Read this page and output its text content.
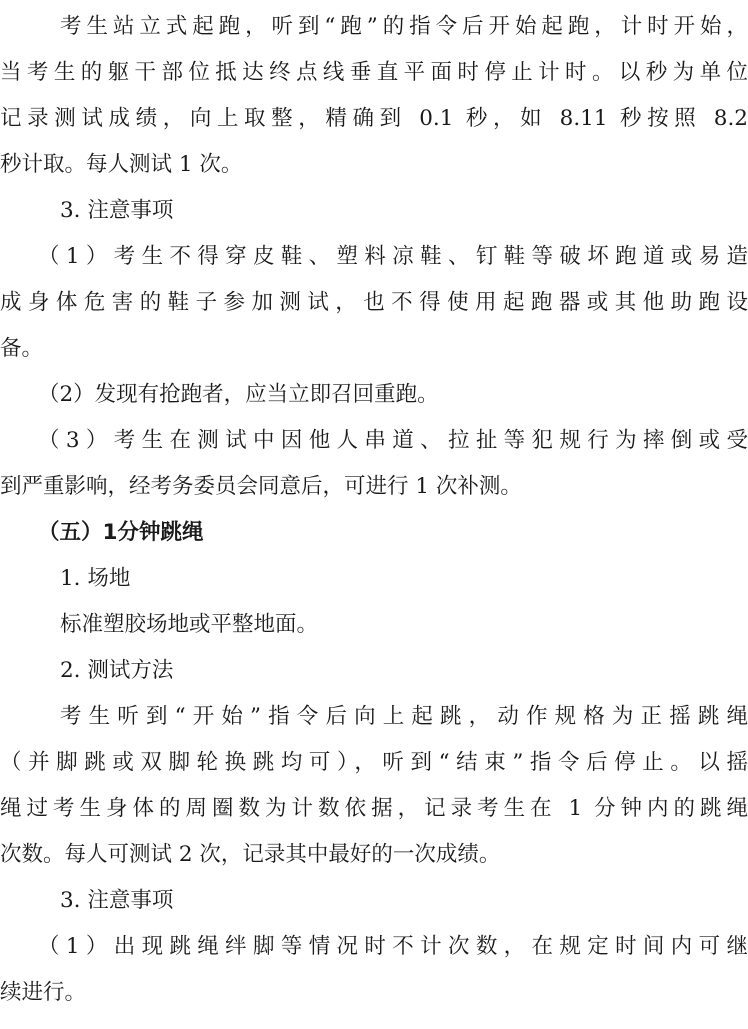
考生站立式起跑，听到“跑”的指令后开始起跑，计时开始，
当考生的躯干部位抵达终点线垂直平面时停止计时。以秒为单位
记录测试成绩，向上取整，精确到 0.1 秒，如 8.11 秒按照 8.2
秒计取。每人测试 1 次。
3. 注意事项
（1）考生不得穿皮鞋、塑料凉鞋、钉鞋等破坏跑道或易造
成身体危害的鞋子参加测试，也不得使用起跑器或其他助跑设
备。
（2）发现有抢跑者，应当立即召回重跑。
（3）考生在测试中因他人串道、拉扯等犯规行为摔倒或受
到严重影响，经考务委员会同意后，可进行 1 次补测。
（五）1分钟跳绳
1. 场地
标准塑胶场地或平整地面。
2. 测试方法
考生听到“开始”指令后向上起跳，动作规格为正摇跳绳
（并脚跳或双脚轮换跳均可），听到“结束”指令后停止。以摇
绳过考生身体的周圈数为计数依据，记录考生在 1 分钟内的跳绳
次数。每人可测试 2 次，记录其中最好的一次成绩。
3. 注意事项
（1）出现跳绳绊脚等情况时不计次数，在规定时间内可继
续进行。
